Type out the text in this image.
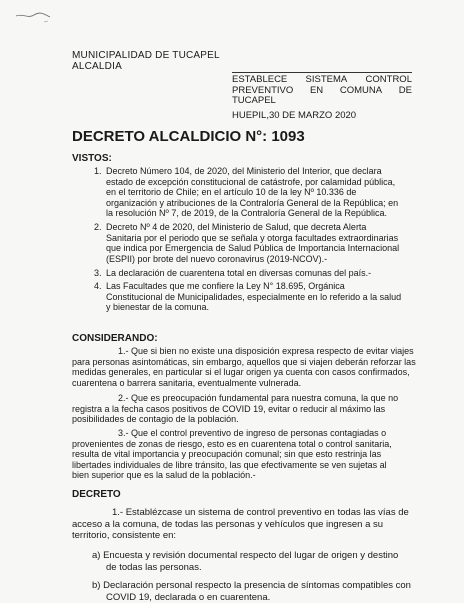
MUNICIPALIDAD DE TUCAPEL
ALCALDIA
ESTABLECE SISTEMA CONTROL
PREVENTIVO EN COMUNA DE
TUCAPEL
HUEPIL,30 DE MARZO 2020
DECRETO ALCALDICIO N°: 1093
VISTOS:
1. Decreto Número 104, de 2020, del Ministerio del Interior, que declara
estado de excepción constitucional de catástrofe, por calamidad pública,
en el territorio de Chile; en el artículo 10 de la ley Nº 10.336 de
organización y atribuciones de la Contraloría General de la República; en
la resolución Nº 7, de 2019, de la Contraloría General de la República.
2. Decreto Nº 4 de 2020, del Ministerio de Salud, que decreta Alerta
Sanitaria por el periodo que se señala y otorga facultades extraordinarias
que indica por Emergencia de Salud Pública de Importancia Internacional
(ESPII) por brote del nuevo coronavirus (2019-NCOV).-
3. La declaración de cuarentena total en diversas comunas del país.-
4. Las Facultades que me confiere la Ley N° 18.695, Orgánica
Constitucional de Municipalidades, especialmente en lo referido a la salud
y bienestar de la comuna.
CONSIDERANDO:
1.- Que si bien no existe una disposición expresa respecto de evitar viajes
para personas asintomáticas, sin embargo, aquellos que si viajen deberán reforzar las
medidas generales, en particular si el lugar origen ya cuenta con casos confirmados,
cuarentena o barrera sanitaria, eventualmente vulnerada.
2.- Que es preocupación fundamental para nuestra comuna, la que no
registra a la fecha casos positivos de COVID 19, evitar o reducir al máximo las
posibilidades de contagio de la población.
3.- Que el control preventivo de ingreso de personas contagiadas o
provenientes de zonas de riesgo, esto es en cuarentena total o control sanitaria,
resulta de vital importancia y preocupación comunal; sin que esto restrinja las
libertades individuales de libre tránsito, las que efectivamente se ven sujetas al
bien superior que es la salud de la población.-
DECRETO
1.- Establézcase un sistema de control preventivo en todas las vías de
acceso a la comuna, de todas las personas y vehículos que ingresen a su
territorio, consistente en:
a) Encuesta y revisión documental respecto del lugar de origen y destino
de todas las personas.
b) Declaración personal respecto la presencia de síntomas compatibles con
COVID 19, declarada o en cuarentena.
